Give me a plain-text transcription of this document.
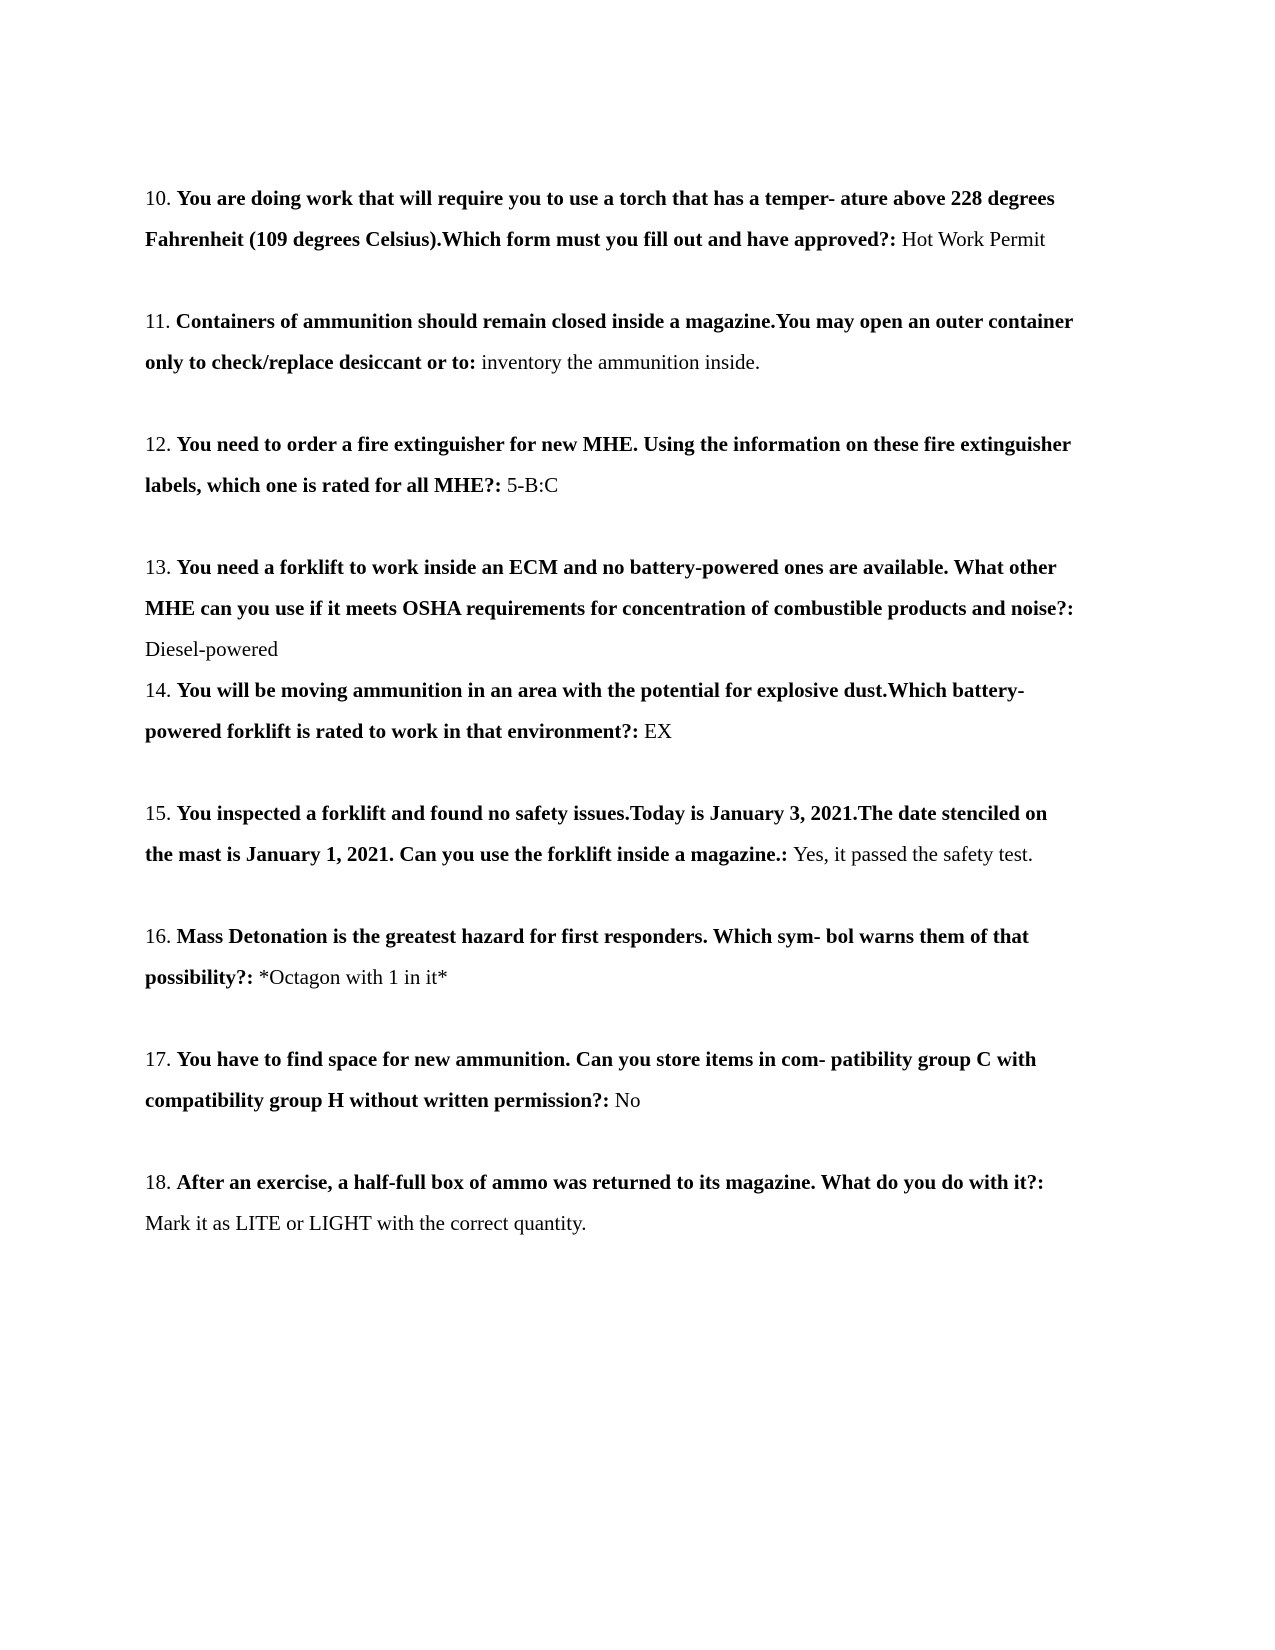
10. You are doing work that will require you to use a torch that has a temper- ature above 228 degrees Fahrenheit (109 degrees Celsius).Which form must you fill out and have approved?: Hot Work Permit

11. Containers of ammunition should remain closed inside a magazine.You may open an outer container only to check/replace desiccant or to: inventory the ammunition inside.

12. You need to order a fire extinguisher for new MHE. Using the information on these fire extinguisher labels, which one is rated for all MHE?: 5-B:C

13. You need a forklift to work inside an ECM and no battery-powered ones are available. What other MHE can you use if it meets OSHA requirements for concentration of combustible products and noise?: Diesel-powered

14. You will be moving ammunition in an area with the potential for explosive dust.Which battery-powered forklift is rated to work in that environment?: EX

15. You inspected a forklift and found no safety issues.Today is January 3, 2021.The date stenciled on the mast is January 1, 2021. Can you use the forklift inside a magazine.: Yes, it passed the safety test.

16. Mass Detonation is the greatest hazard for first responders. Which sym- bol warns them of that possibility?: *Octagon with 1 in it*

17. You have to find space for new ammunition. Can you store items in com- patibility group C with compatibility group H without written permission?: No

18. After an exercise, a half-full box of ammo was returned to its magazine. What do you do with it?: Mark it as LITE or LIGHT with the correct quantity.
